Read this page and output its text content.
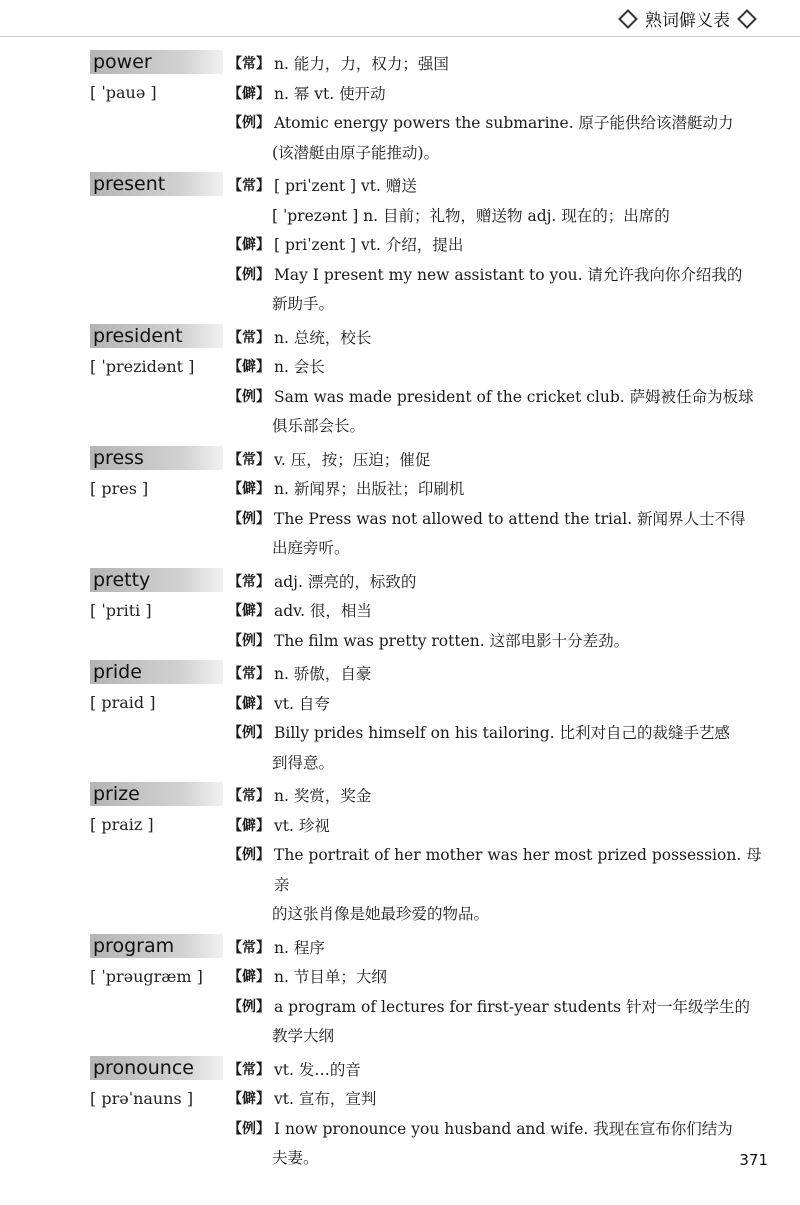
熟词僻义表
power
[ ˈpauə ]
【常】 n. 能力，力，权力；强国
【僻】 n. 幂 vt. 使开动
【例】 Atomic energy powers the submarine. 原子能供给该潜艇动力
(该潜艇由原子能推动)。
present	【常】 [ priˈzent ] vt. 赠送
[ ˈprezənt ] n. 目前；礼物，赠送物 adj. 现在的；出席的
【僻】 [ priˈzent ] vt. 介绍，提出
【例】 May I present my new assistant to you. 请允许我向你介绍我的
新助手。
president
[ ˈprezidənt ]
【常】 n. 总统，校长
【僻】 n. 会长
【例】 Sam was made president of the cricket club. 萨姆被任命为板球
俱乐部会长。
press
[ pres ]
【常】 v. 压，按；压迫；催促
【僻】 n. 新闻界；出版社；印刷机
【例】 The Press was not allowed to attend the trial. 新闻界人士不得
出庭旁听。
pretty
[ ˈpriti ]
【常】 adj. 漂亮的，标致的
【僻】 adv. 很，相当
【例】 The film was pretty rotten. 这部电影十分差劲。
pride
[ praid ]
【常】 n. 骄傲，自豪
【僻】 vt. 自夸
【例】 Billy prides himself on his tailoring. 比利对自己的裁缝手艺感
到得意。
prize
[ praiz ]
【常】 n. 奖赏，奖金
【僻】 vt. 珍视
【例】 The portrait of her mother was her most prized possession. 母亲
的这张肖像是她最珍爱的物品。
program
[ ˈprəugræm ]
【常】 n. 程序
【僻】 n. 节目单；大纲
【例】 a program of lectures for first-year students 针对一年级学生的
教学大纲
pronounce
[ prəˈnauns ]
【常】 vt. 发…的音
【僻】 vt. 宣布，宣判
【例】 I now pronounce you husband and wife. 我现在宣布你们结为
夫妻。	371
